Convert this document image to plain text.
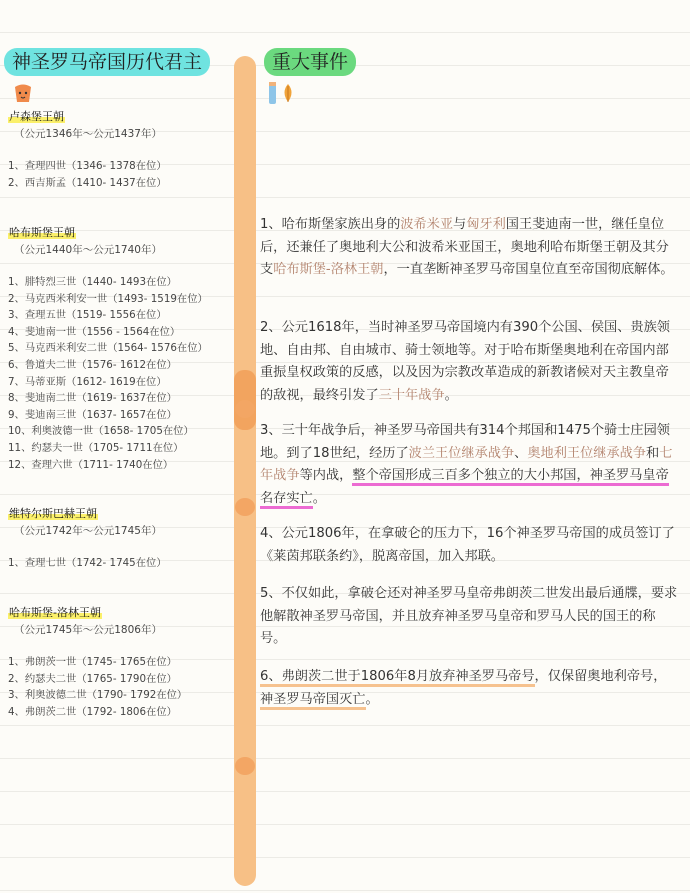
神圣罗马帝国历代君主	重大事件
卢森堡王朝
（公元1346年～公元1437年）
1、查理四世（1346- 1378在位）
2、西吉斯孟（1410- 1437在位）
哈布斯堡王朝
（公元1440年～公元1740年）
1、腓特烈三世（1440- 1493在位）
2、马克西米利安一世（1493- 1519在位）
3、查理五世（1519- 1556在位）
4、斐迪南一世（1556 - 1564在位）
5、马克西米利安二世（1564- 1576在位）
6、鲁道夫二世（1576- 1612在位）
7、马蒂亚斯（1612- 1619在位）
8、斐迪南二世（1619- 1637在位）
9、斐迪南三世（1637- 1657在位）
10、利奥波德一世（1658- 1705在位）
11、约瑟夫一世（1705- 1711在位）
12、查理六世（1711- 1740在位）
维特尔斯巴赫王朝
（公元1742年～公元1745年）
1、查理七世（1742- 1745在位）
哈布斯堡-洛林王朝
（公元1745年～公元1806年）
1、弗朗茨一世（1745- 1765在位）
2、约瑟夫二世（1765- 1790在位）
3、利奥波德二世（1790- 1792在位）
4、弗朗茨二世（1792- 1806在位）

1、哈布斯堡家族出身的波希米亚与匈牙利国王斐迪南一世，继任皇位后，还兼任了奥地利大公和波希米亚国王，奥地利哈布斯堡王朝及其分支哈布斯堡-洛林王朝，一直垄断神圣罗马帝国皇位直至帝国彻底解体。

2、公元1618年，当时神圣罗马帝国境内有390个公国、侯国、贵族领地、自由邦、自由城市、骑士领地等。对于哈布斯堡奥地利在帝国内部重振皇权政策的反感，以及因为宗教改革造成的新教诸候对天主教皇帝的敌视，最终引发了三十年战争。

3、三十年战争后，神圣罗马帝国共有314个邦国和1475个骑士庄园领地。到了18世纪，经历了波兰王位继承战争、奥地利王位继承战争和七年战争等内战，整个帝国形成三百多个独立的大小邦国，神圣罗马皇帝名存实亡。

4、公元1806年，在拿破仑的压力下，16个神圣罗马帝国的成员签订了《莱茵邦联条约》，脱离帝国，加入邦联。

5、不仅如此，拿破仑还对神圣罗马皇帝弗朗茨二世发出最后通牒，要求他解散神圣罗马帝国，并且放弃神圣罗马皇帝和罗马人民的国王的称号。

6、弗朗茨二世于1806年8月放弃神圣罗马帝号，仅保留奥地利帝号，神圣罗马帝国灭亡。
